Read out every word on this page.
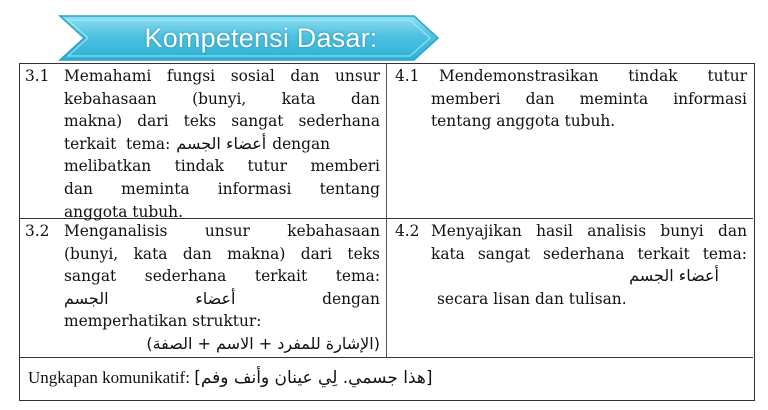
Kompetensi Dasar:
3.1 Memahami fungsi sosial dan unsur
kebahasaan (bunyi, kata dan
makna) dari teks sangat sederhana
terkait  tema: أعضاء الجسم dengan
melibatkan tindak tutur memberi
dan meminta informasi tentang
anggota tubuh.
4.1 Mendemonstrasikan tindak tutur
memberi dan meminta informasi
tentang anggota tubuh.
3.2 Menganalisis unsur kebahasaan
(bunyi, kata dan makna) dari teks
sangat sederhana terkait tema:
الجسم	أعضاء	dengan
memperhatikan struktur:
(الإشارة للمفرد + الاسم + الصفة)
4.2 Menyajikan hasil analisis bunyi dan
kata sangat sederhana terkait tema:
أعضاء الجسم
secara lisan dan tulisan.
Ungkapan komunikatif: [هذا جسمي. لِي عينان وأنف وفم]
